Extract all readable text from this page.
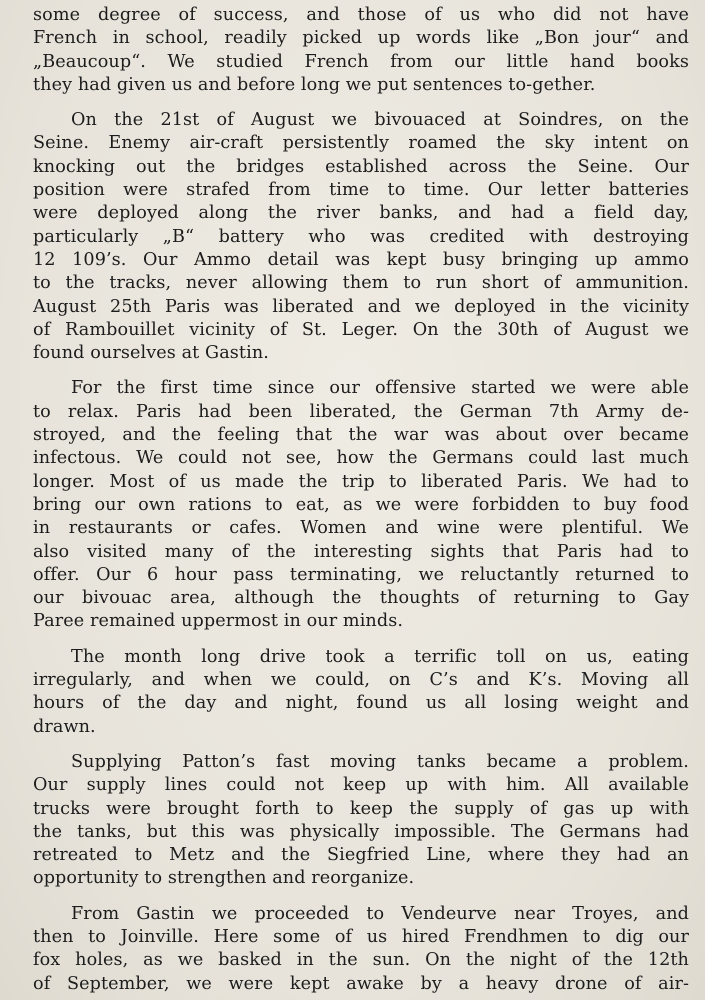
some degree of success, and those of us who did not have
French in school, readily picked up words like „Bon jour“ and
„Beaucoup“. We studied French from our little hand books
they had given us and before long we put sentences to-gether.
On the 21st of August we bivouaced at Soindres, on the
Seine. Enemy air-craft persistently roamed the sky intent on
knocking out the bridges established across the Seine. Our
position were strafed from time to time. Our letter batteries
were deployed along the river banks, and had a field day,
particularly „B“ battery who was credited with destroying
12 109’s. Our Ammo detail was kept busy bringing up ammo
to the tracks, never allowing them to run short of ammunition.
August 25th Paris was liberated and we deployed in the vicinity
of Rambouillet vicinity of St. Leger. On the 30th of August we
found ourselves at Gastin.
For the first time since our offensive started we were able
to relax. Paris had been liberated, the German 7th Army de-
stroyed, and the feeling that the war was about over became
infectous. We could not see, how the Germans could last much
longer. Most of us made the trip to liberated Paris. We had to
bring our own rations to eat, as we were forbidden to buy food
in restaurants or cafes. Women and wine were plentiful. We
also visited many of the interesting sights that Paris had to
offer. Our 6 hour pass terminating, we reluctantly returned to
our bivouac area, although the thoughts of returning to Gay
Paree remained uppermost in our minds.
The month long drive took a terrific toll on us, eating
irregularly, and when we could, on C’s and K’s. Moving all
hours of the day and night, found us all losing weight and
drawn.
Supplying Patton’s fast moving tanks became a problem.
Our supply lines could not keep up with him. All available
trucks were brought forth to keep the supply of gas up with
the tanks, but this was physically impossible. The Germans had
retreated to Metz and the Siegfried Line, where they had an
opportunity to strengthen and reorganize.
From Gastin we proceeded to Vendeurve near Troyes, and
then to Joinville. Here some of us hired Frendhmen to dig our
fox holes, as we basked in the sun. On the night of the 12th
of September, we were kept awake by a heavy drone of air-
